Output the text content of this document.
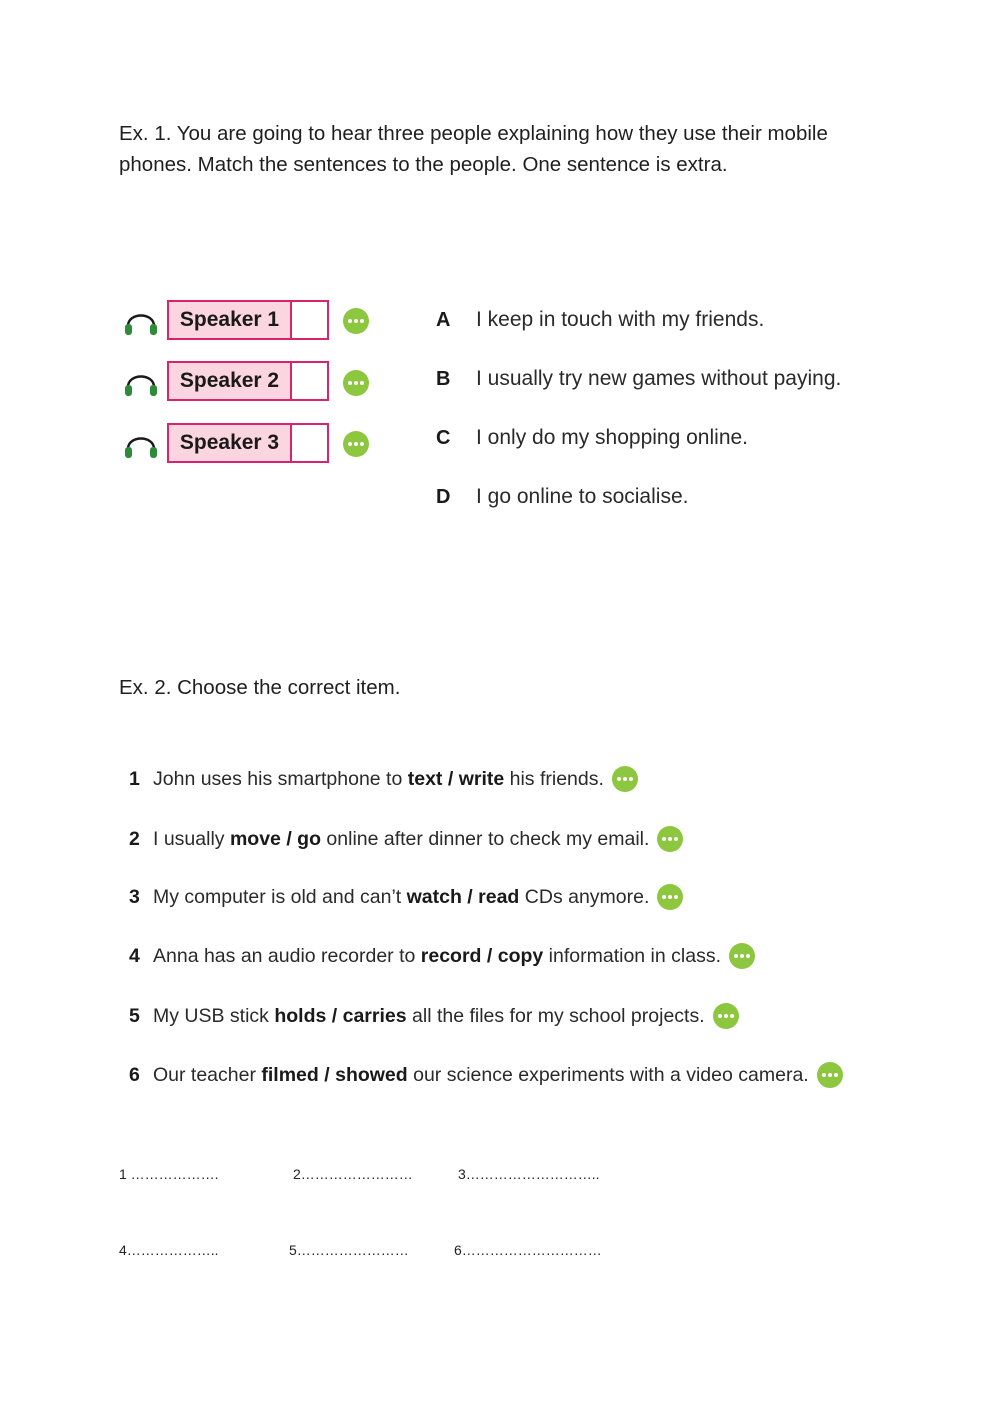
Ex. 1. You are going to hear three people explaining how they use their mobile phones. Match the sentences to the people. One sentence is extra.
Speaker 1
Speaker 2
Speaker 3
A	I keep in touch with my friends.
B	I usually try new games without paying.
C	I only do my shopping online.
D	I go online to socialise.
Ex. 2. Choose the correct item.
1 John uses his smartphone to text / write his friends.
2 I usually move / go online after dinner to check my email.
3 My computer is old and can’t watch / read CDs anymore.
4 Anna has an audio recorder to record / copy information in class.
5 My USB stick holds / carries all the files for my school projects.
6 Our teacher filmed / showed our science experiments with a video camera.
1 ……………….	2……………………	3………………………..
4………………..	5……………………	6…………………………
